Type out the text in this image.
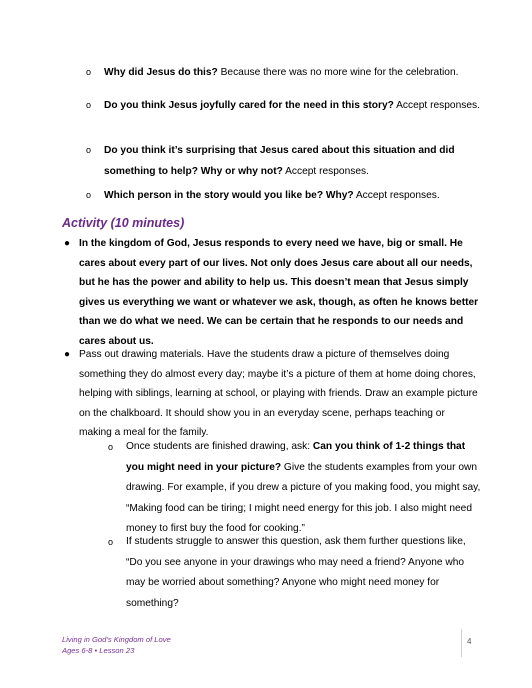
o Why did Jesus do this? Because there was no more wine for the celebration.
o Do you think Jesus joyfully cared for the need in this story? Accept responses.
o Do you think it’s surprising that Jesus cared about this situation and did something to help? Why or why not? Accept responses.
o Which person in the story would you like be? Why? Accept responses.
Activity (10 minutes)
● In the kingdom of God, Jesus responds to every need we have, big or small. He cares about every part of our lives. Not only does Jesus care about all our needs, but he has the power and ability to help us. This doesn’t mean that Jesus simply gives us everything we want or whatever we ask, though, as often he knows better than we do what we need. We can be certain that he responds to our needs and cares about us.
● Pass out drawing materials. Have the students draw a picture of themselves doing something they do almost every day; maybe it’s a picture of them at home doing chores, helping with siblings, learning at school, or playing with friends. Draw an example picture on the chalkboard. It should show you in an everyday scene, perhaps teaching or making a meal for the family.
o Once students are finished drawing, ask: Can you think of 1-2 things that you might need in your picture? Give the students examples from your own drawing. For example, if you drew a picture of you making food, you might say, “Making food can be tiring; I might need energy for this job. I also might need money to first buy the food for cooking.”
o If students struggle to answer this question, ask them further questions like, “Do you see anyone in your drawings who may need a friend? Anyone who may be worried about something? Anyone who might need money for something?
Living in God’s Kingdom of Love
Ages 6-8 • Lesson 23
4
